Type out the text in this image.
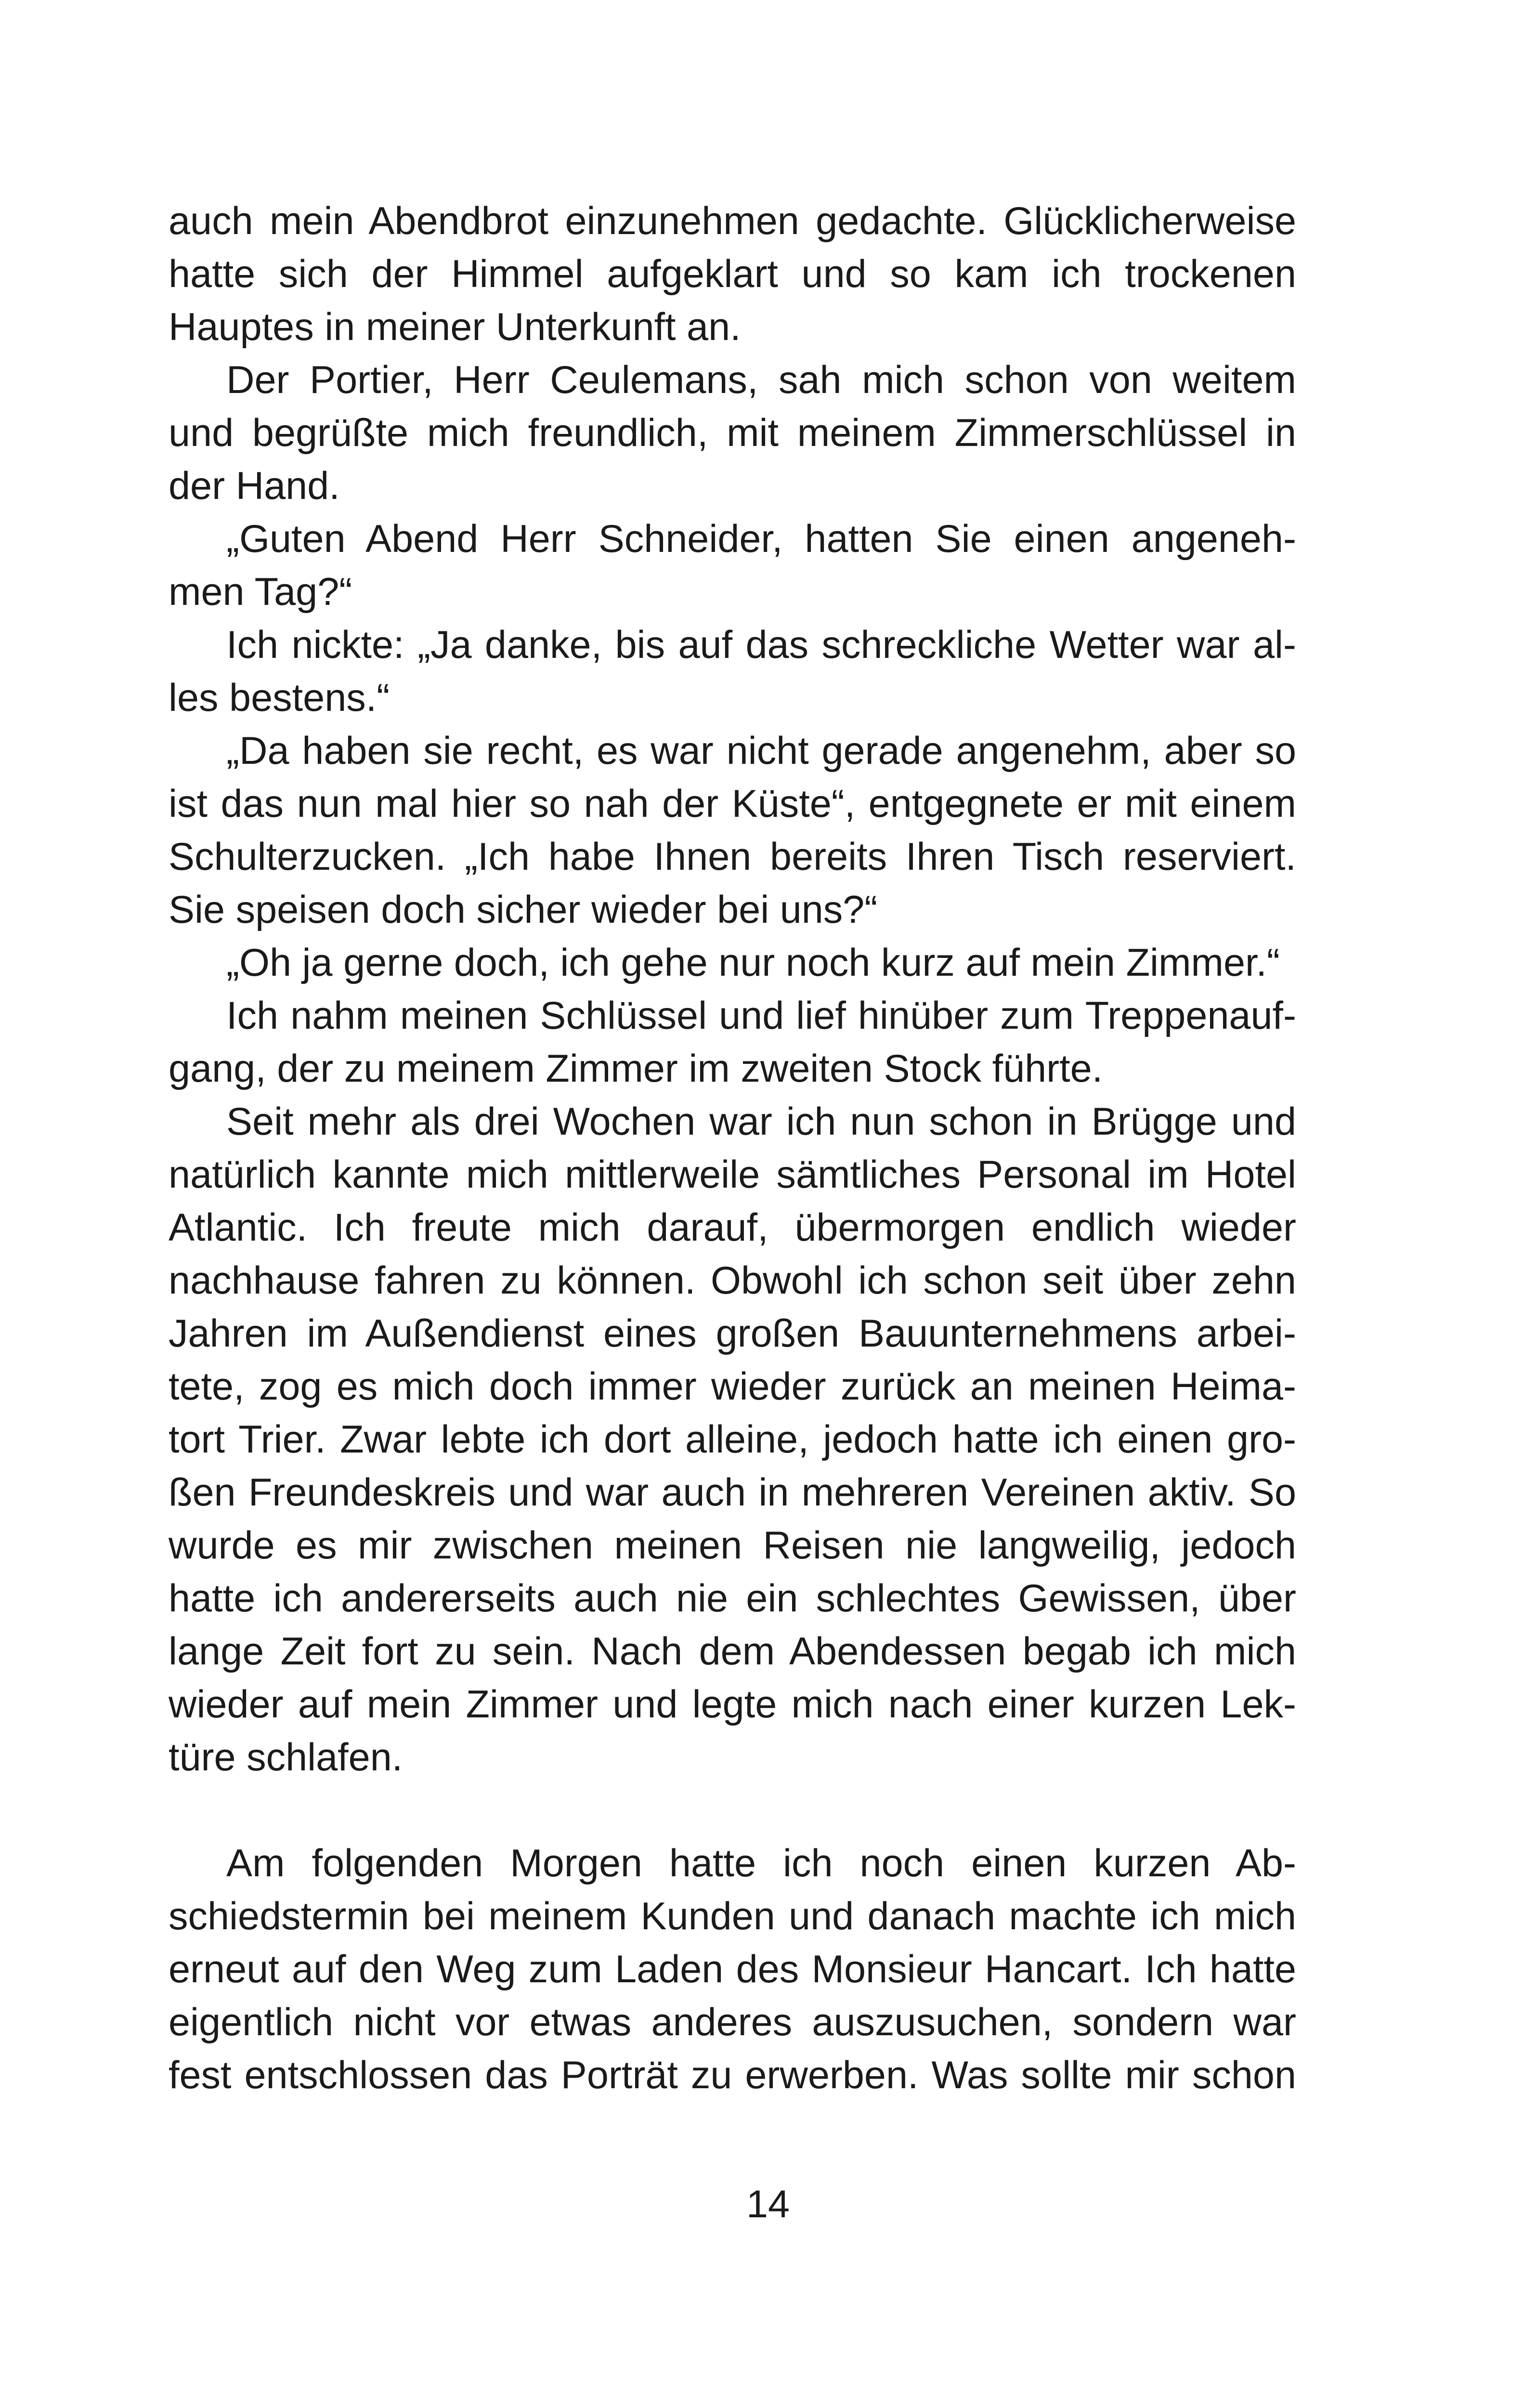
auch mein Abendbrot einzunehmen gedachte. Glücklicherweise
hatte sich der Himmel aufgeklart und so kam ich trockenen
Hauptes in meiner Unterkunft an.
Der Portier, Herr Ceulemans, sah mich schon von weitem
und begrüßte mich freundlich, mit meinem Zimmerschlüssel in
der Hand.
„Guten Abend Herr Schneider, hatten Sie einen angeneh-
men Tag?“
Ich nickte: „Ja danke, bis auf das schreckliche Wetter war al-
les bestens.“
„Da haben sie recht, es war nicht gerade angenehm, aber so
ist das nun mal hier so nah der Küste“, entgegnete er mit einem
Schulterzucken. „Ich habe Ihnen bereits Ihren Tisch reserviert.
Sie speisen doch sicher wieder bei uns?“
„Oh ja gerne doch, ich gehe nur noch kurz auf mein Zimmer.“
Ich nahm meinen Schlüssel und lief hinüber zum Treppenauf-
gang, der zu meinem Zimmer im zweiten Stock führte.
Seit mehr als drei Wochen war ich nun schon in Brügge und
natürlich kannte mich mittlerweile sämtliches Personal im Hotel
Atlantic. Ich freute mich darauf, übermorgen endlich wieder
nachhause fahren zu können. Obwohl ich schon seit über zehn
Jahren im Außendienst eines großen Bauunternehmens arbei-
tete, zog es mich doch immer wieder zurück an meinen Heima-
tort Trier. Zwar lebte ich dort alleine, jedoch hatte ich einen gro-
ßen Freundeskreis und war auch in mehreren Vereinen aktiv. So
wurde es mir zwischen meinen Reisen nie langweilig, jedoch
hatte ich andererseits auch nie ein schlechtes Gewissen, über
lange Zeit fort zu sein. Nach dem Abendessen begab ich mich
wieder auf mein Zimmer und legte mich nach einer kurzen Lek-
türe schlafen.
Am folgenden Morgen hatte ich noch einen kurzen Ab-
schiedstermin bei meinem Kunden und danach machte ich mich
erneut auf den Weg zum Laden des Monsieur Hancart. Ich hatte
eigentlich nicht vor etwas anderes auszusuchen, sondern war
fest entschlossen das Porträt zu erwerben. Was sollte mir schon
14
